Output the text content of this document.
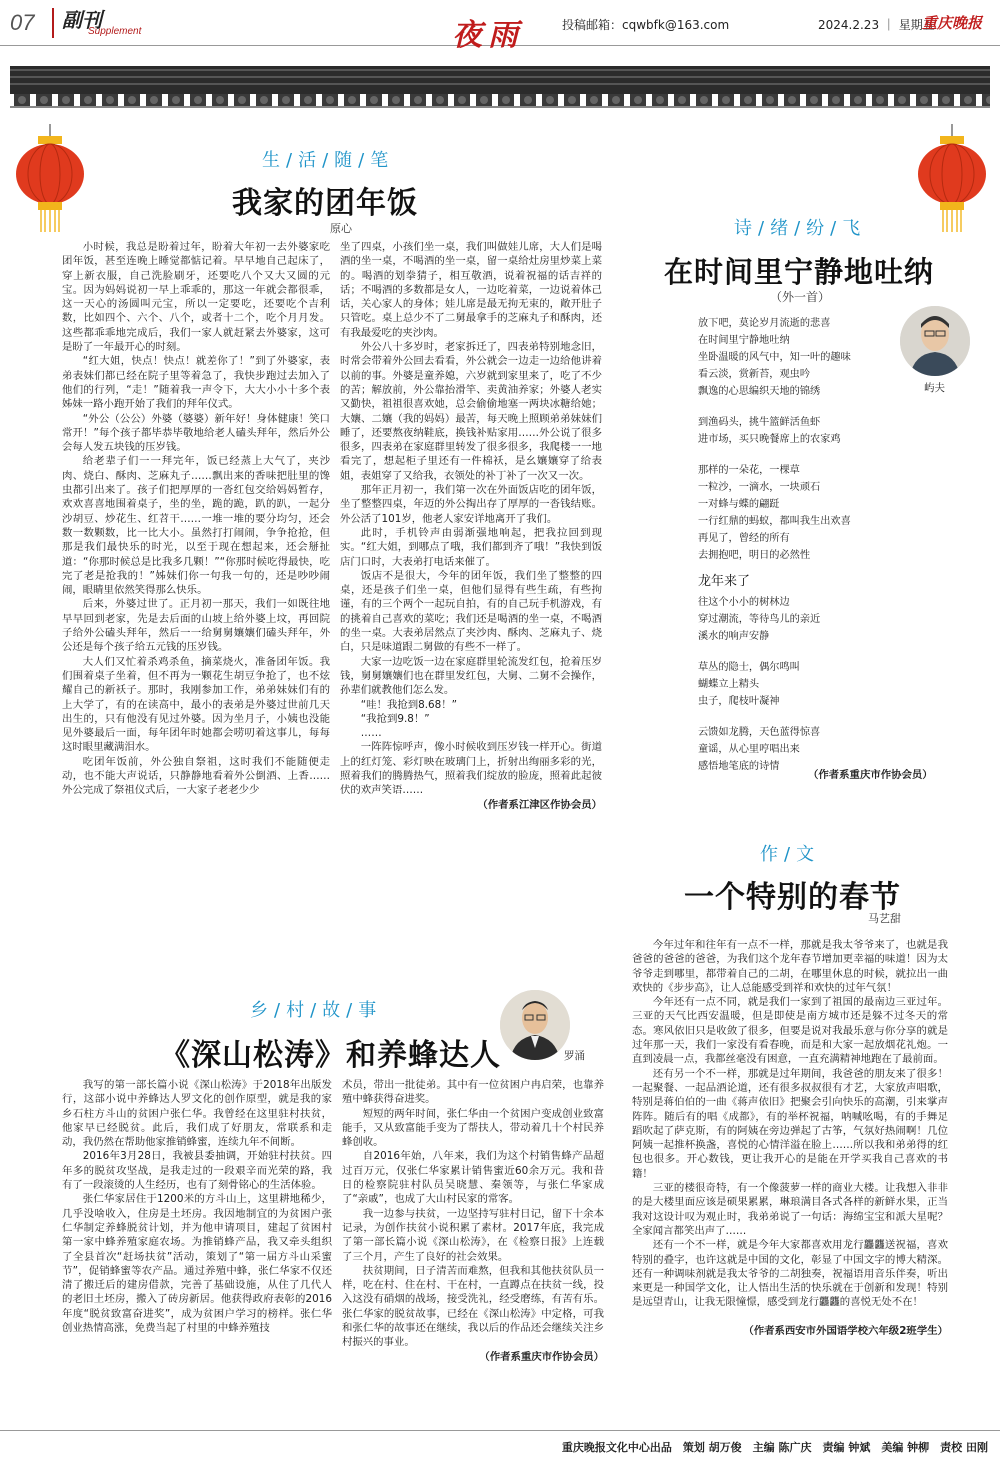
07 副刊
Supplement	夜雨	投稿邮箱：cqwbfk@163.com	2024.2.23 ｜ 星期五
重庆晚报
生 / 活 / 随 / 笔
我家的团年饭
原心

小时候，我总是盼着过年，盼着大年初一去外婆家吃团年饭，甚至连晚上睡觉都惦记着。早早地自己起床了，穿上新衣服，自己洗脸刷牙，还要吃八个又大又圆的元宝。因为妈妈说初一早上乖乖的，那这一年就会都很乖，这一天心的汤圆叫元宝，所以一定要吃，还要吃个吉利数，比如四个、六个、八个，或者十二个，吃个月月发。这些都乖乖地完成后，我们一家人就赶紧去外婆家，这可是盼了一年最开心的时刻。

“红大姐，快点！快点！就差你了！”到了外婆家，表弟表妹们都已经在院子里等着急了，我快步跑过去加入了他们的行列，“走！”随着我一声令下，大大小小十多个表姊妹一路小跑开始了我们的拜年仪式。

“外公（公公）外婆（婆婆）新年好！身体健康！笑口常开！”每个孩子都毕恭毕敬地给老人磕头拜年，然后外公会每人发五块钱的压岁钱。

给老辈子们一一拜完年，饭已经蒸上大气了，夹沙肉、烧白、酥肉、芝麻丸子……飘出来的香味把肚里的馋虫都引出来了。孩子们把厚厚的一沓红包交给妈妈暂存，欢欢喜喜地围着桌子，坐的坐，跪的跪，趴的趴，一起分沙胡豆、炒花生、红苕干……一堆一堆的要分均匀，还会数一数颗数，比一比大小。虽然打打闹闹，争争抢抢，但那是我们最快乐的时光，以至于现在想起来，还会掰扯道：“你那时候总是比我多几颗！”“你那时候吃得最快，吃完了老是抢我的！”姊妹们你一句我一句的，还是吵吵闹闹，眼睛里依然笑得那么快乐。

后来，外婆过世了。正月初一那天，我们一如既往地早早回到老家，先是去后面的山坡上给外婆上坟，再回院子给外公磕头拜年，然后一一给舅舅孃孃们磕头拜年，外公还是每个孩子给五元钱的压岁钱。

大人们又忙着杀鸡杀鱼，摘菜烧火，准备团年饭。我们围着桌子坐着，但不再为一颗花生胡豆争抢了，也不炫耀自己的新袄子。那时，我刚参加工作，弟弟妹妹们有的上大学了，有的在读高中，最小的表弟是外婆过世前几天出生的，只有他没有见过外婆。因为坐月子，小姨也没能见外婆最后一面，每年团年时她都会唠叨着这事儿，每每这时眼里藏满泪水。

吃团年饭前，外公独自祭祖，这时我们不能随便走动，也不能大声说话，只静静地看着外公倒酒、上香……外公完成了祭祖仪式后，一大家子老老少少

坐了四桌，小孩们坐一桌，我们叫做娃儿席，大人们是喝酒的坐一桌，不喝酒的坐一桌，留一桌给灶房里炒菜上菜的。喝酒的划拳猜子，相互敬酒，说着祝福的话吉祥的话；不喝酒的多数都是女人，一边吃着菜，一边说着体己话，关心家人的身体；娃儿席是最无拘无束的，敞开肚子只管吃。桌上总少不了二舅最拿手的芝麻丸子和酥肉，还有我最爱吃的夹沙肉。

外公八十多岁时，老家拆迁了，四表弟特别地念旧，时常会带着外公回去看看，外公就会一边走一边给他讲着以前的事。外婆是童养媳，六岁就到家里来了，吃了不少的苦；解放前，外公靠抬滑竿、卖黄油养家；外婆人老实又勤快，祖祖很喜欢她，总会偷偷地塞一两块冰糖给她；大孃、二孃（我的妈妈）最苦，每天晚上照顾弟弟妹妹们睡了，还要熬夜纳鞋底，换钱补贴家用……外公说了很多很多，四表弟在家庭群里转发了很多很多，我爬楼一一地看完了，想起柜子里还有一件棉袄，是幺孃孃穿了给表姐，表姐穿了又给我，衣领处的补丁补了一次又一次。

那年正月初一，我们第一次在外面饭店吃的团年饭，坐了整整四桌，年迈的外公掏出存了厚厚的一沓钱结账。外公活了101岁，他老人家安详地离开了我们。

此时，手机铃声由弱渐强地响起，把我拉回到现实。“红大姐，到哪点了哦，我们都到齐了哦！”我快到饭店门口时，大表弟打电话来催了。

饭店不是很大，今年的团年饭，我们坐了整整的四桌，还是孩子们坐一桌，但他们显得有些生疏，有些拘谨，有的三个两个一起玩自拍，有的自己玩手机游戏，有的挑着自己喜欢的菜吃；我们还是喝酒的坐一桌，不喝酒的坐一桌。大表弟居然点了夹沙肉、酥肉、芝麻丸子、烧白，只是味道跟二舅做的有些不一样了。

大家一边吃饭一边在家庭群里轮流发红包，抢着压岁钱，舅舅孃孃们也在群里发红包，大舅、二舅不会操作，孙辈们就教他们怎么发。

“哇！我抢到8.68！”

“我抢到9.8！”

……

一阵阵惊呼声，像小时候收到压岁钱一样开心。街道上的红灯笼、彩灯映在玻璃门上，折射出绚丽多彩的光，照着我们的腾腾热气，照着我们绽放的脸庞，照着此起彼伏的欢声笑语……

（作者系江津区作协会员）

诗 / 绪 / 纷 / 飞
在时间里宁静地吐纳
（外一首）
屿夫
放下吧，莫论岁月流逝的悲喜
在时间里宁静地吐纳
坐卧温暖的风气中，知一叶的趣味
看云淡，赏新苔，观虫吟
飘逸的心思编织天地的锦绣
到渔码头，挑牛篮鲜活鱼虾
进市场，买只晚餐席上的农家鸡
那样的一朵花，一棵草
一粒沙，一滴水，一块顽石
一对蜂与蝶的翩跹
一行红鼎的蚂蚁，都叫我生出欢喜
再见了，曾经的所有
去拥抱吧，明日的必然性
龙年来了
往这个小小的树林边
穿过潮流，等待鸟儿的亲近
溪水的响声安静
草丛的隐士，偶尔鸣叫
蝴蝶立上精头
虫子，爬枝叶凝神
云馈如龙腾，天色蓝得惊喜
童谣，从心里哼唱出来
感悟地笔底的诗情
（作者系重庆市作协会员）
作 / 文
一个特别的春节
马艺甜

今年过年和往年有一点不一样，那就是我太爷爷来了，也就是我爸爸的爸爸的爸爸，为我们这个龙年春节增加更幸福的味道！因为太爷爷走到哪里，都带着自己的二胡，在哪里休息的时候，就拉出一曲欢快的《步步高》，让人总能感受到祥和欢快的过年气氛！

今年还有一点不同，就是我们一家到了祖国的最南边三亚过年。三亚的天气比西安温暖，但是即使是南方城市还是躲不过冬天的常态。寒风依旧只是收敛了很多，但要是说对我最乐意与你分享的就是过年那一天，我们一家没有看春晚，而是和大家一起放烟花礼炮。一直到凌晨一点，我都丝毫没有困意，一直充满精神地跑在了最前面。

还有另一个不一样，那就是过年期间，我爸爸的朋友来了很多！一起聚餐、一起品酒论道，还有很多叔叔很有才艺，大家放声唱歌，特别是蒋伯伯的一曲《蒋声依旧》把聚会引向快乐的高潮，引来掌声阵阵。随后有的唱《成都》，有的举杯祝福，呐喊吆喝，有的手舞足蹈吹起了萨克斯，有的阿姨在旁边弹起了古筝，气氛好热闹啊！几位阿姨一起推杯换盏，喜悦的心情洋溢在脸上……所以我和弟弟得的红包也很多。开心数钱，更让我开心的是能在开学买我自己喜欢的书籍！

三亚的楼很奇特，有一个像菠萝一样的商业大楼。让我想入非非的是大楼里面应该是硕果累累，琳琅满目各式各样的新鲜水果，正当我对这设计叹为观止时，我弟弟说了一句话：海绵宝宝和派大星呢？全家闻言都笑出声了……

还有一个不一样，就是今年大家都喜欢用龙行龘龘送祝福，喜欢特别的叠字，也许这就是中国的文化，彰显了中国文字的博大精深。还有一种调味剂就是我太爷爷的二胡独奏，祝福语用音乐伴奏，听出来更是一种国学文化，让人悟出生活的快乐就在于创新和发现！特别是远望青山，让我无限憧憬，感受到龙行龘龘的喜悦无处不在！

（作者系西安市外国语学校六年级2班学生）

乡 / 村 / 故 / 事
《深山松涛》和养蜂达人	罗涌

我写的第一部长篇小说《深山松涛》于2018年出版发行，这部小说中养蜂达人罗文化的创作原型，就是我的家乡石柱方斗山的贫困户张仁华。我曾经在这里驻村扶贫，他家早已经脱贫。此后，我们成了好朋友，常联系和走动，我仍然在帮助他家推销蜂蜜，连续九年不间断。

2016年3月28日，我被县委抽调，开始驻村扶贫。四年多的脱贫攻坚战，是我走过的一段艰辛而光荣的路，我有了一段滚烫的人生经历，也有了刻骨铭心的生活体验。

张仁华家居住于1200米的方斗山上，这里耕地稀少，几乎没啥收入，住房是土坯房。我因地制宜的为贫困户张仁华制定养蜂脱贫计划，并为他申请项目，建起了贫困村第一家中蜂养殖家庭农场。为推销蜂产品，我又牵头组织了全县首次“赶场扶贫”活动，策划了“第一届方斗山采蜜节”，促销蜂蜜等农产品。通过养殖中蜂，张仁华家不仅还清了搬迁后的建房借款，完善了基础设施，从住了几代人的老旧土坯房，搬入了砖房新居。他获得政府表彰的2016年度“脱贫致富奋进奖”，成为贫困户学习的榜样。张仁华创业热情高涨，免费当起了村里的中蜂养殖技

术员，带出一批徒弟。其中有一位贫困户冉启荣，也靠养殖中蜂获得奋进奖。

短短的两年时间，张仁华由一个贫困户变成创业致富能手，又从致富能手变为了帮扶人，带动着几十个村民养蜂创收。

自2016年始，八年来，我们为这个村销售蜂产品超过百万元，仅张仁华家累计销售蜜近60余万元。我和昔日的检察院驻村队员吴晓慧、秦领等，与张仁华家成了“亲戚”，也成了大山村民家的常客。

我一边参与扶贫，一边坚持写驻村日记，留下十余本记录，为创作扶贫小说积累了素材。2017年底，我完成了第一部长篇小说《深山松涛》，在《检察日报》上连载了三个月，产生了良好的社会效果。

扶贫期间，日子清苦而难熬，但我和其他扶贫队员一样，吃在村、住在村、干在村，一直蹲点在扶贫一线，投入这没有硝烟的战场，接受洗礼，经受磨练，有苦有乐。张仁华家的脱贫故事，已经在《深山松涛》中定格，可我和张仁华的故事还在继续，我以后的作品还会继续关注乡村振兴的事业。

（作者系重庆市作协会员）

重庆晚报文化中心出品　策划 胡万俊　主编 陈广庆　责编 钟斌　美编 钟柳　责校 田刚
